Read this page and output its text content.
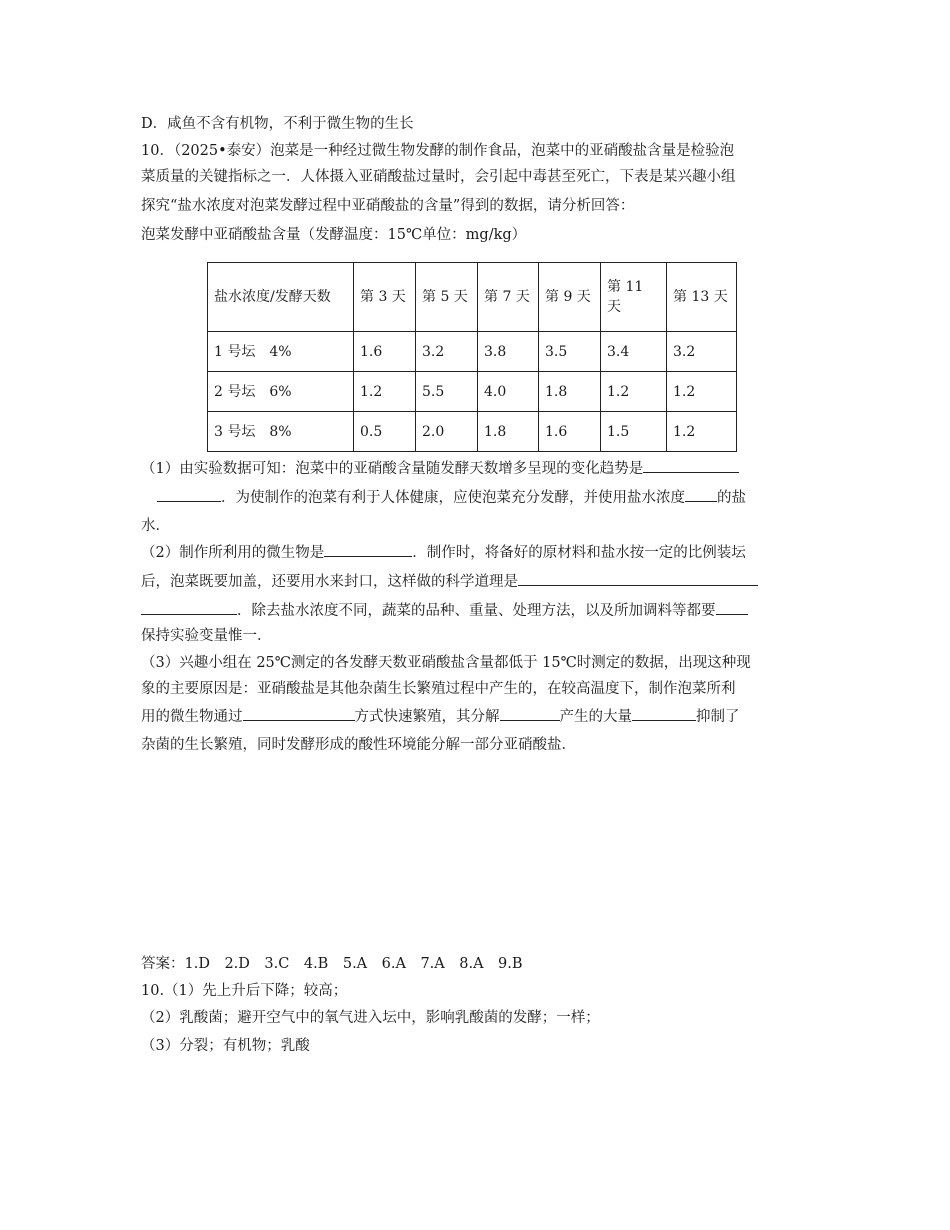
D．咸鱼不含有机物，不利于微生物的生长
10．（2025•泰安）泡菜是一种经过微生物发酵的制作食品，泡菜中的亚硝酸盐含量是检验泡
菜质量的关键指标之一．人体摄入亚硝酸盐过量时，会引起中毒甚至死亡，下表是某兴趣小组
探究“盐水浓度对泡菜发酵过程中亚硝酸盐的含量”得到的数据，请分析回答：
泡菜发酵中亚硝酸盐含量（发酵温度：15℃单位：mg/kg）
盐水浓度/发酵天数	第 3 天	第 5 天	第 7 天	第 9 天	第 11 天	第 13 天
1 号坛　4%	1.6	3.2	3.8	3.5	3.4	3.2
2 号坛　6%	1.2	5.5	4.0	1.8	1.2	1.2
3 号坛　8%	0.5	2.0	1.8	1.6	1.5	1.2
（1）由实验数据可知：泡菜中的亚硝酸含量随发酵天数增多呈现的变化趋势是
．为使制作的泡菜有利于人体健康，应使泡菜充分发酵，并使用盐水浓度 的盐
水．
（2）制作所利用的微生物是	．制作时，将备好的原材料和盐水按一定的比例装坛
后，泡菜既要加盖，还要用水来封口，这样做的科学道理是
．除去盐水浓度不同，蔬菜的品种、重量、处理方法，以及所加调料等都要
保持实验变量惟一．
（3）兴趣小组在 25℃测定的各发酵天数亚硝酸盐含量都低于 15℃时测定的数据，出现这种现
象的主要原因是：亚硝酸盐是其他杂菌生长繁殖过程中产生的，在较高温度下，制作泡菜所利
用的微生物通过	方式快速繁殖，其分解	产生的大量	抑制了
杂菌的生长繁殖，同时发酵形成的酸性环境能分解一部分亚硝酸盐．
答案：1.D　2.D　3.C　4.B　5.A　6.A　7.A　8.A　9.B
10.（1）先上升后下降；较高；
（2）乳酸菌；避开空气中的氧气进入坛中，影响乳酸菌的发酵；一样；
（3）分裂；有机物；乳酸
